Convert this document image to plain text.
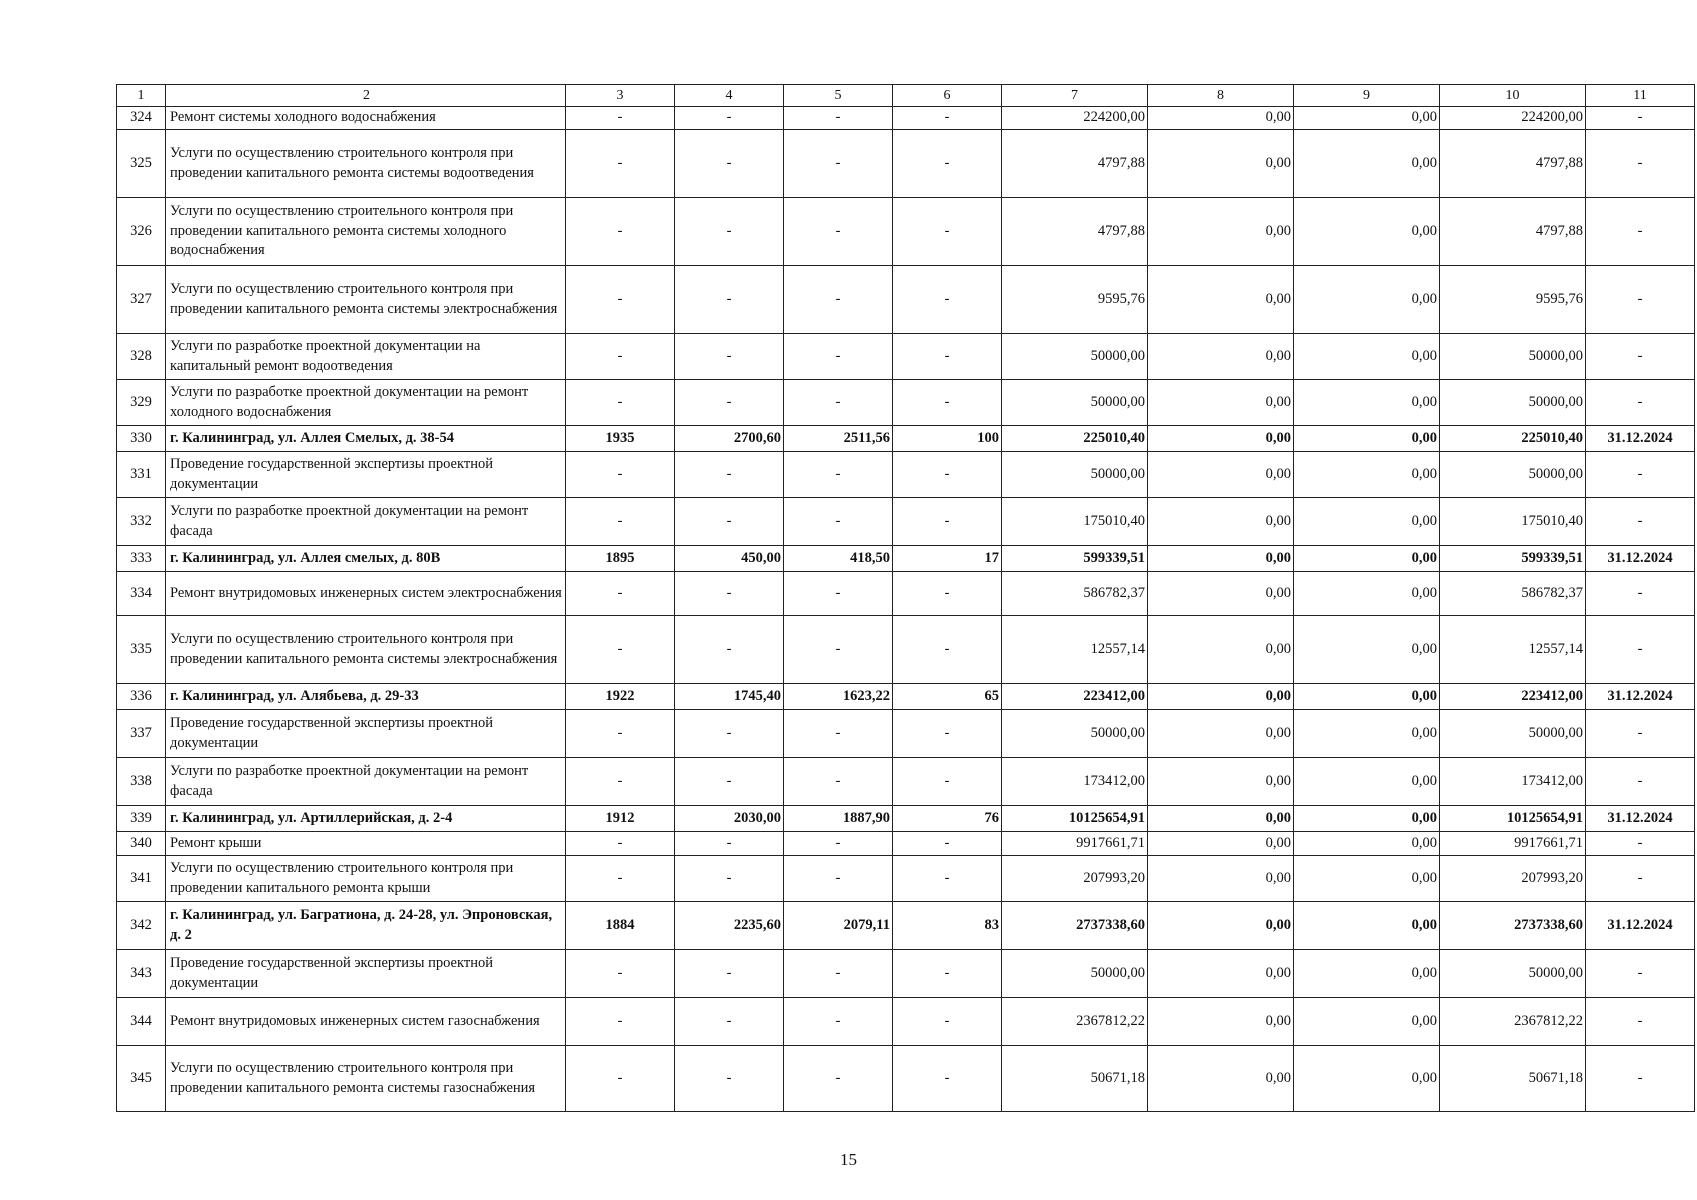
1	2	3	4	5	6	7	8	9	10	11
324	Ремонт системы холодного водоснабжения	-	-	-	-	224200,00	0,00	0,00	224200,00	-
325	Услуги по осуществлению строительного контроля при проведении капитального ремонта системы водоотведения	-	-	-	-	4797,88	0,00	0,00	4797,88	-
326	Услуги по осуществлению строительного контроля при проведении капитального ремонта системы холодного водоснабжения	-	-	-	-	4797,88	0,00	0,00	4797,88	-
327	Услуги по осуществлению строительного контроля при проведении капитального ремонта системы электроснабжения	-	-	-	-	9595,76	0,00	0,00	9595,76	-
328	Услуги по разработке проектной документации на капитальный ремонт водоотведения	-	-	-	-	50000,00	0,00	0,00	50000,00	-
329	Услуги по разработке проектной документации на ремонт холодного водоснабжения	-	-	-	-	50000,00	0,00	0,00	50000,00	-
330	г. Калининград, ул. Аллея Смелых, д. 38-54	1935	2700,60	2511,56	100	225010,40	0,00	0,00	225010,40	31.12.2024
331	Проведение государственной экспертизы проектной документации	-	-	-	-	50000,00	0,00	0,00	50000,00	-
332	Услуги по разработке проектной документации на ремонт фасада	-	-	-	-	175010,40	0,00	0,00	175010,40	-
333	г. Калининград, ул. Аллея смелых, д. 80В	1895	450,00	418,50	17	599339,51	0,00	0,00	599339,51	31.12.2024
334	Ремонт внутридомовых инженерных систем электроснабжения	-	-	-	-	586782,37	0,00	0,00	586782,37	-
335	Услуги по осуществлению строительного контроля при проведении капитального ремонта системы электроснабжения	-	-	-	-	12557,14	0,00	0,00	12557,14	-
336	г. Калининград, ул. Алябьева, д. 29-33	1922	1745,40	1623,22	65	223412,00	0,00	0,00	223412,00	31.12.2024
337	Проведение государственной экспертизы проектной документации	-	-	-	-	50000,00	0,00	0,00	50000,00	-
338	Услуги по разработке проектной документации на ремонт фасада	-	-	-	-	173412,00	0,00	0,00	173412,00	-
339	г. Калининград, ул. Артиллерийская, д. 2-4	1912	2030,00	1887,90	76	10125654,91	0,00	0,00	10125654,91	31.12.2024
340	Ремонт крыши	-	-	-	-	9917661,71	0,00	0,00	9917661,71	-
341	Услуги по осуществлению строительного контроля при проведении капитального ремонта крыши	-	-	-	-	207993,20	0,00	0,00	207993,20	-
342	г. Калининград, ул. Багратиона, д. 24-28, ул. Эпроновская, д. 2	1884	2235,60	2079,11	83	2737338,60	0,00	0,00	2737338,60	31.12.2024
343	Проведение государственной экспертизы проектной документации	-	-	-	-	50000,00	0,00	0,00	50000,00	-
344	Ремонт внутридомовых инженерных систем газоснабжения	-	-	-	-	2367812,22	0,00	0,00	2367812,22	-
345	Услуги по осуществлению строительного контроля при проведении капитального ремонта системы газоснабжения	-	-	-	-	50671,18	0,00	0,00	50671,18	-
15
